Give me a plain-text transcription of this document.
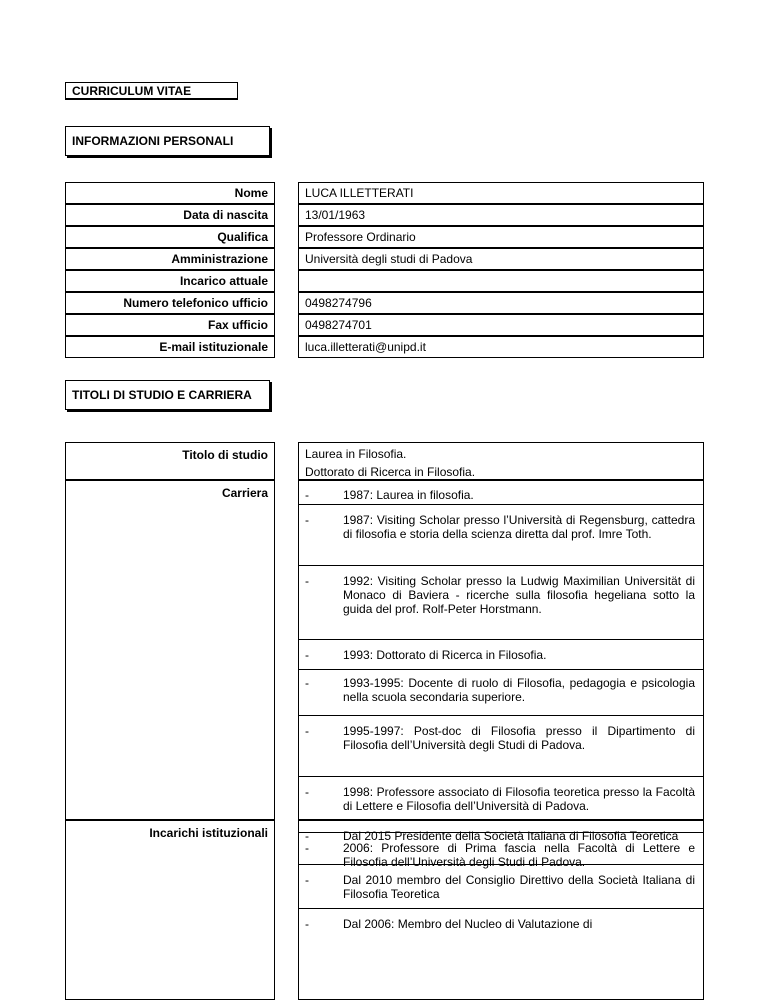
CURRICULUM VITAE
INFORMAZIONI PERSONALI
Nome	LUCA ILLETTERATI
Data di nascita	13/01/1963
Qualifica	Professore Ordinario
Amministrazione	Università degli studi di Padova
Incarico attuale
Numero telefonico ufficio	0498274796
Fax ufficio	0498274701
E-mail istituzionale	luca.illetterati@unipd.it
TITOLI DI STUDIO E CARRIERA
Titolo di studio	Laurea in Filosofia.
Dottorato di Ricerca in Filosofia.
Carriera	-	1987: Laurea in filosofia.
-	1987: Visiting Scholar presso l’Università di Regensburg, cattedra di filosofia e storia della scienza diretta dal prof. Imre Toth.
-	1992: Visiting Scholar presso la Ludwig Maximilian Universität di Monaco di Baviera - ricerche sulla filosofia hegeliana sotto la guida del prof. Rolf-Peter Horstmann.
-	1993: Dottorato di Ricerca in Filosofia.
-	1993-1995: Docente di ruolo di Filosofia, pedagogia e psicologia nella scuola secondaria superiore.
-	1995-1997: Post-doc di Filosofia presso il Dipartimento di Filosofia dell’Università degli Studi di Padova.
-	1998: Professore associato di Filosofia teoretica presso la Facoltà di Lettere e Filosofia dell’Università di Padova.
-	2006: Professore di Prima fascia nella Facoltà di Lettere e Filosofia dell’Università degli Studi di Padova.
Incarichi istituzionali	-	Dal 2015 Presidente della Società Italiana di Filosofia Teoretica
-	Dal 2010 membro del Consiglio Direttivo della Società Italiana di Filosofia Teoretica
-	Dal 2006: Membro del Nucleo di Valutazione di
